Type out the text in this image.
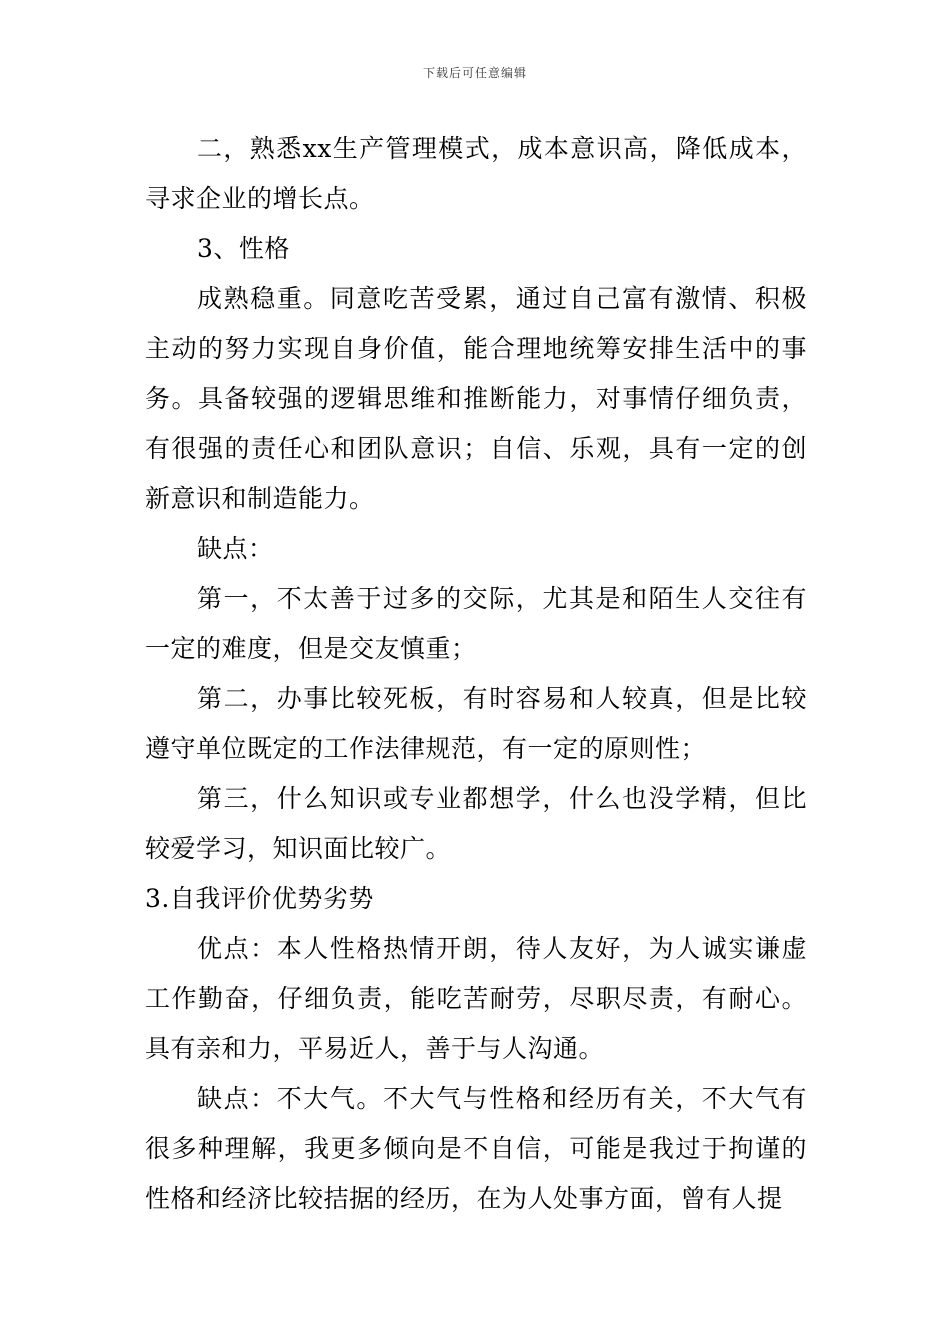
下载后可任意编辑

二，熟悉xx生产管理模式，成本意识高，降低成本，寻求企业的增长点。

3、性格

成熟稳重。同意吃苦受累，通过自己富有激情、积极主动的努力实现自身价值，能合理地统筹安排生活中的事务。具备较强的逻辑思维和推断能力，对事情仔细负责，有很强的责任心和团队意识；自信、乐观，具有一定的创新意识和制造能力。

缺点：

第一，不太善于过多的交际，尤其是和陌生人交往有一定的难度，但是交友慎重；

第二，办事比较死板，有时容易和人较真，但是比较遵守单位既定的工作法律规范，有一定的原则性；

第三，什么知识或专业都想学，什么也没学精，但比较爱学习，知识面比较广。

3.自我评价优势劣势

优点：本人性格热情开朗，待人友好，为人诚实谦虚工作勤奋，仔细负责，能吃苦耐劳，尽职尽责，有耐心。具有亲和力，平易近人，善于与人沟通。

缺点：不大气。不大气与性格和经历有关，不大气有很多种理解，我更多倾向是不自信，可能是我过于拘谨的性格和经济比较拮据的经历，在为人处事方面，曾有人提
